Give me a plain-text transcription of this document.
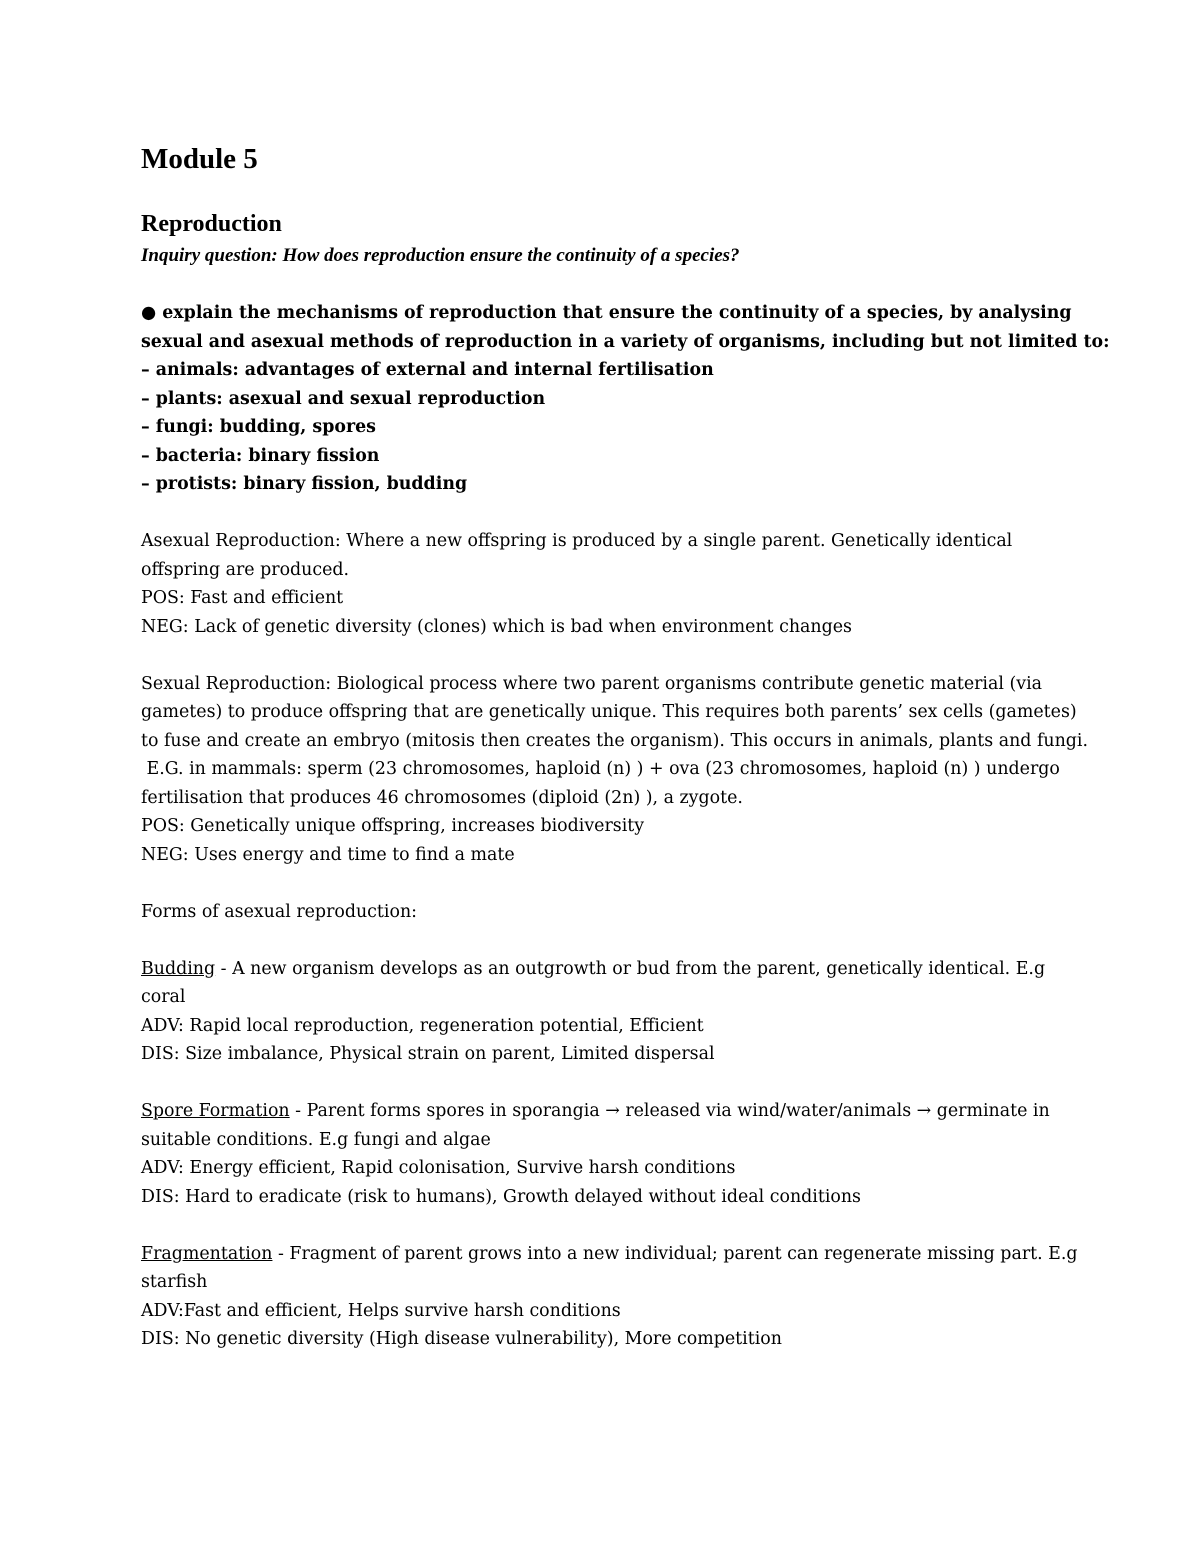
Module 5
Reproduction
Inquiry question: How does reproduction ensure the continuity of a species?
● explain the mechanisms of reproduction that ensure the continuity of a species, by analysing
sexual and asexual methods of reproduction in a variety of organisms, including but not limited to:
– animals: advantages of external and internal fertilisation
– plants: asexual and sexual reproduction
– fungi: budding, spores
– bacteria: binary fission
– protists: binary fission, budding
Asexual Reproduction: Where a new offspring is produced by a single parent. Genetically identical
offspring are produced.
POS: Fast and efficient
NEG: Lack of genetic diversity (clones) which is bad when environment changes
Sexual Reproduction: Biological process where two parent organisms contribute genetic material (via
gametes) to produce offspring that are genetically unique. This requires both parents’ sex cells (gametes)
to fuse and create an embryo (mitosis then creates the organism). This occurs in animals, plants and fungi.
E.G. in mammals: sperm (23 chromosomes, haploid (n) ) + ova (23 chromosomes, haploid (n) ) undergo
fertilisation that produces 46 chromosomes (diploid (2n) ), a zygote.
POS: Genetically unique offspring, increases biodiversity
NEG: Uses energy and time to find a mate
Forms of asexual reproduction:
Budding - A new organism develops as an outgrowth or bud from the parent, genetically identical. E.g
coral
ADV: Rapid local reproduction, regeneration potential, Efficient
DIS: Size imbalance, Physical strain on parent, Limited dispersal
Spore Formation - Parent forms spores in sporangia → released via wind/water/animals → germinate in
suitable conditions. E.g fungi and algae
ADV: Energy efficient, Rapid colonisation, Survive harsh conditions
DIS: Hard to eradicate (risk to humans), Growth delayed without ideal conditions
Fragmentation - Fragment of parent grows into a new individual; parent can regenerate missing part. E.g
starfish
ADV:Fast and efficient, Helps survive harsh conditions
DIS: No genetic diversity (High disease vulnerability), More competition
